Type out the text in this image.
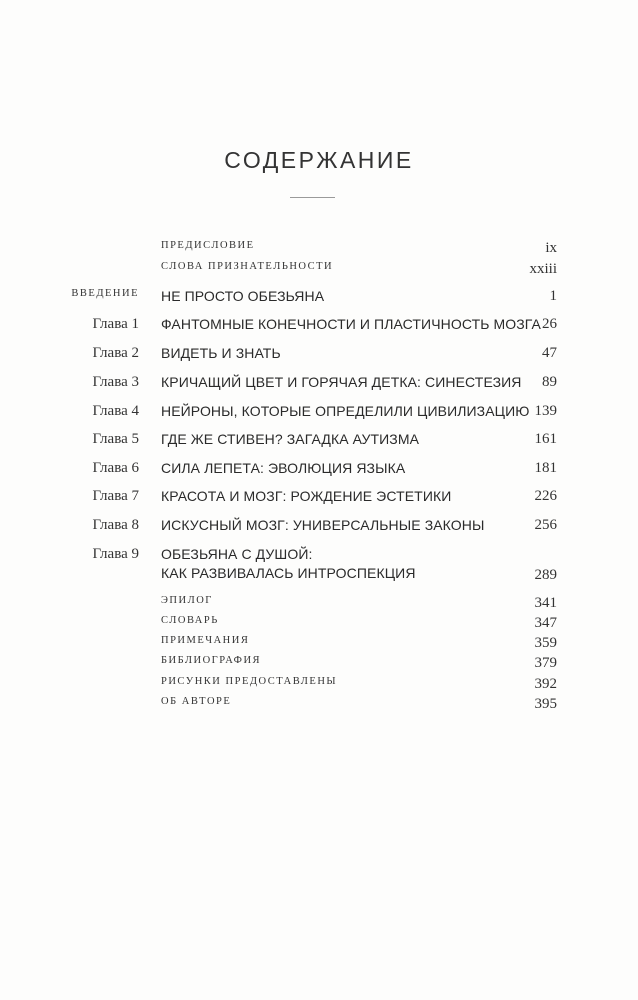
СОДЕРЖАНИЕ
ПРЕДИСЛОВИЕ	ix
СЛОВА ПРИЗНАТЕЛЬНОСТИ	xxiii
ВВЕДЕНИЕ НЕ ПРОСТО ОБЕЗЬЯНА	1
Глава 1 ФАНТОМНЫЕ КОНЕЧНОСТИ И ПЛАСТИЧНОСТЬ МОЗГА 26
Глава 2 ВИДЕТЬ И ЗНАТЬ	47
Глава 3 КРИЧАЩИЙ ЦВЕТ И ГОРЯЧАЯ ДЕТКА: СИНЕСТЕЗИЯ 89
Глава 4 НЕЙРОНЫ, КОТОРЫЕ ОПРЕДЕЛИЛИ ЦИВИЛИЗАЦИЮ 139
Глава 5 ГДЕ ЖЕ СТИВЕН? ЗАГАДКА АУТИЗМА	161
Глава 6 СИЛА ЛЕПЕТА: ЭВОЛЮЦИЯ ЯЗЫКА	181
Глава 7 КРАСОТА И МОЗГ: РОЖДЕНИЕ ЭСТЕТИКИ	226
Глава 8 ИСКУСНЫЙ МОЗГ: УНИВЕРСАЛЬНЫЕ ЗАКОНЫ	256
Глава 9 ОБЕЗЬЯНА С ДУШОЙ:
КАК РАЗВИВАЛАСЬ ИНТРОСПЕКЦИЯ	289
ЭПИЛОГ	341
СЛОВАРЬ	347
ПРИМЕЧАНИЯ	359
БИБЛИОГРАФИЯ	379
РИСУНКИ ПРЕДОСТАВЛЕНЫ	392
ОБ АВТОРЕ	395
